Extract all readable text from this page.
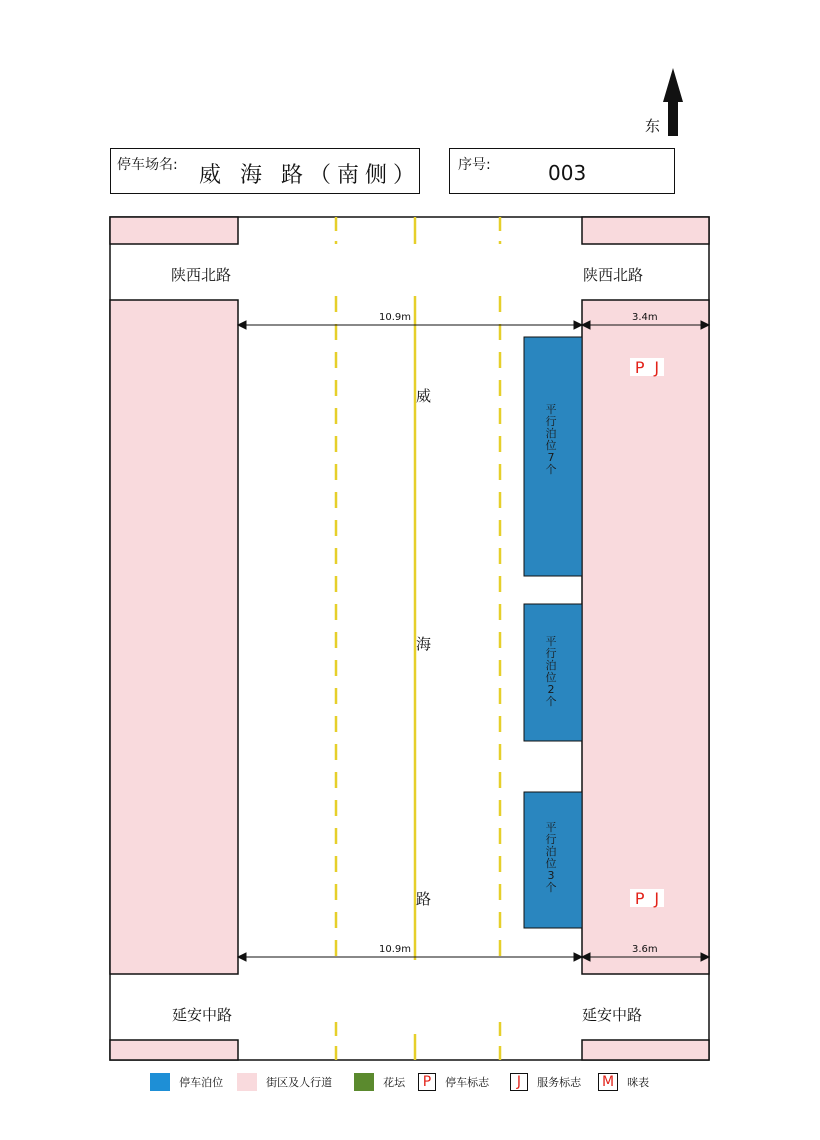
东
停车场名: 威 海 路（南侧）	序号:	003
10.9m	3.4m
10.9m	3.6m
陕西北路	陕西北路
延安中路	延安中路
威
海
路
平行泊位7个
平行泊位2个
平行泊位3个
P J
P J
停车泊位	街区及人行道	花坛	P 停车标志	J 服务标志 M 咪表
